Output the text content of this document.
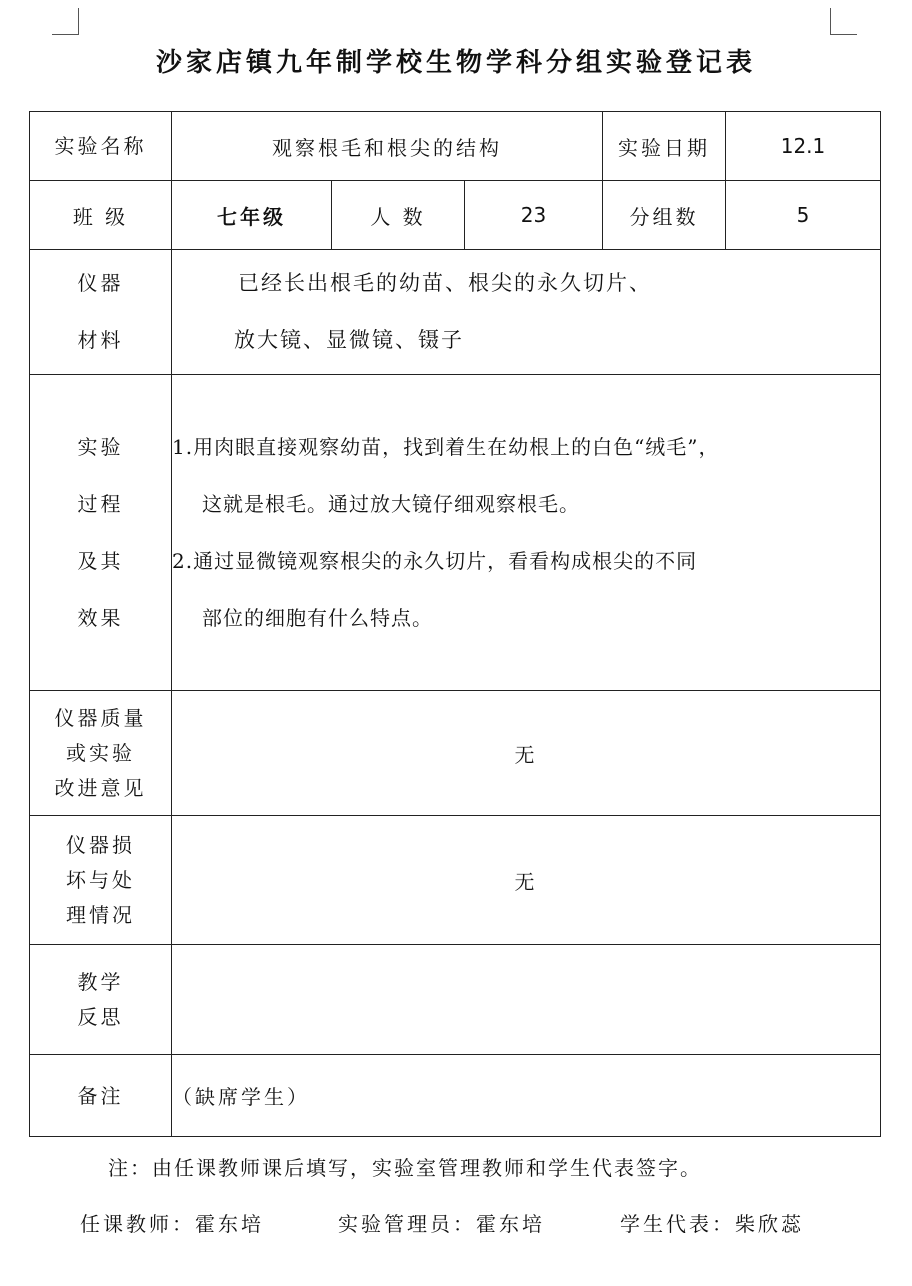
沙家店镇九年制学校生物学科分组实验登记表
实验名称	观察根毛和根尖的结构			实验日期	12.1
班 级	七年级	人 数	23	分组数	5

仪器
材料	已经长出根毛的幼苗、根尖的永久切片、
放大镜、显微镜、镊子				

实验
过程
及其
效果	1.用肉眼直接观察幼苗，找到着生在幼根上的白色“绒毛”，
这就是根毛。通过放大镜仔细观察根毛。
2.通过显微镜观察根尖的永久切片，看看构成根尖的不同
部位的细胞有什么特点。				

仪器质量
或实验
改进意见	无				

仪器损
坏与处
理情况	无				

教学
反思					

备注	（缺席学生）				
注：由任课教师课后填写，实验室管理教师和学生代表签字。
任课教师：霍东培	实验管理员：霍东培	学生代表：柴欣蕊
